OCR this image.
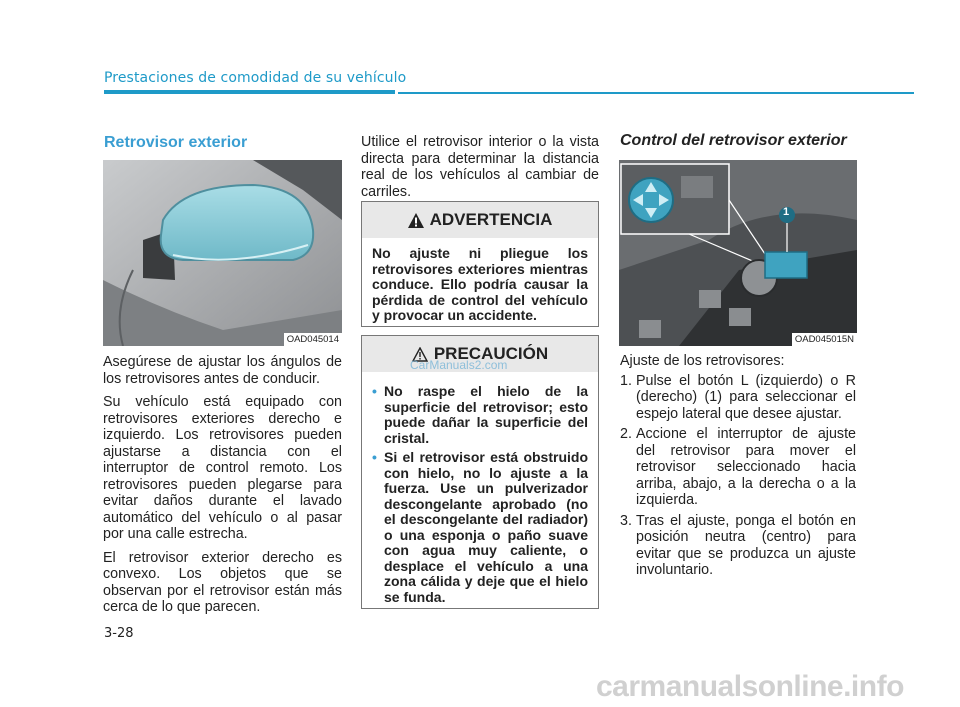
Prestaciones de comodidad de su vehículo
Retrovisor exterior
OAD045014

Asegúrese de ajustar los ángulos de los retrovisores antes de conducir.

Su vehículo está equipado con retrovisores exteriores derecho e izquierdo. Los retrovisores pueden ajustarse a distancia con el interruptor de control remoto. Los retrovisores pueden plegarse para evitar daños durante el lavado automático del vehículo o al pasar por una calle estrecha.

El retrovisor exterior derecho es convexo. Los objetos que se observan por el retrovisor están más cerca de lo que parecen.

Utilice el retrovisor interior o la vista directa para determinar la distancia real de los vehículos al cambiar de carriles.

ADVERTENCIA

No ajuste ni pliegue los retrovisores exteriores mientras conduce. Ello podría causar la pérdida de control del vehículo y provocar un accidente.

PRECAUCIÓN
• No raspe el hielo de la superficie del retrovisor; esto puede dañar la superficie del cristal.
• Si el retrovisor está obstruido con hielo, no lo ajuste a la fuerza. Use un pulverizador descongelante aprobado (no el descongelante del radiador) o una esponja o paño suave con agua muy caliente, o desplace el vehículo a una zona cálida y deje que el hielo se funda.
CarManuals2.com
Control del retrovisor exterior
1
OAD045015N

Ajuste de los retrovisores:

1. Pulse el botón L (izquierdo) o R (derecho) (1) para seleccionar el espejo lateral que desee ajustar.
2. Accione el interruptor de ajuste del retrovisor para mover el retrovisor seleccionado hacia arriba, abajo, a la derecha o a la izquierda.
3. Tras el ajuste, ponga el botón en posición neutra (centro) para evitar que se produzca un ajuste involuntario.
3-28
carmanualsonline.info
